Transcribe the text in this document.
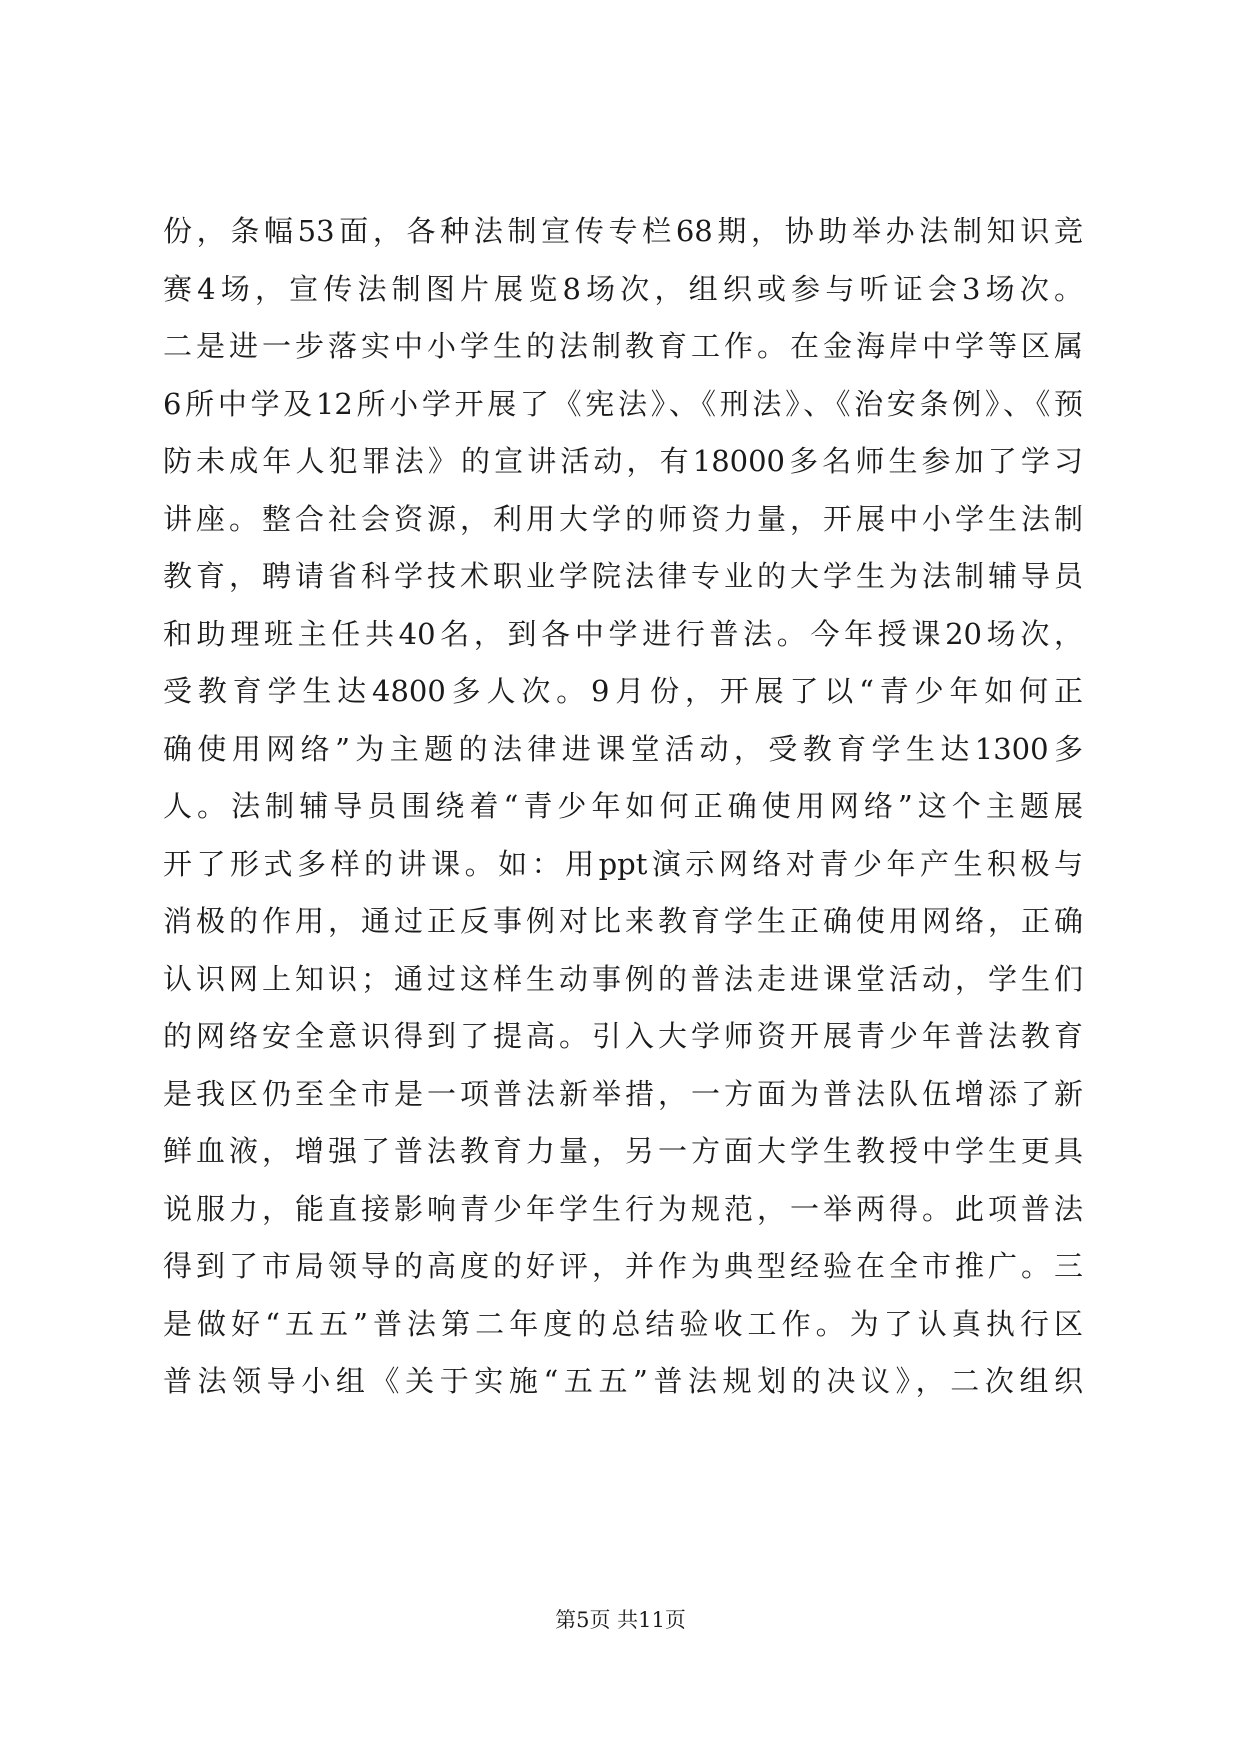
份，条幅53面，各种法制宣传专栏68期，协助举办法制知识竞
赛4场，宣传法制图片展览8场次，组织或参与听证会3场次。
二是进一步落实中小学生的法制教育工作。在金海岸中学等区属
6所中学及12所小学开展了《宪法》、《刑法》、《治安条例》、《预
防未成年人犯罪法》的宣讲活动，有18000多名师生参加了学习
讲座。整合社会资源，利用大学的师资力量，开展中小学生法制
教育，聘请省科学技术职业学院法律专业的大学生为法制辅导员
和助理班主任共40名，到各中学进行普法。今年授课20场次，
受教育学生达4800多人次。9月份，开展了以“青少年如何正
确使用网络”为主题的法律进课堂活动，受教育学生达1300多
人。法制辅导员围绕着“青少年如何正确使用网络”这个主题展
开了形式多样的讲课。如：用ppt演示网络对青少年产生积极与
消极的作用，通过正反事例对比来教育学生正确使用网络，正确
认识网上知识；通过这样生动事例的普法走进课堂活动，学生们
的网络安全意识得到了提高。引入大学师资开展青少年普法教育
是我区仍至全市是一项普法新举措，一方面为普法队伍增添了新
鲜血液，增强了普法教育力量，另一方面大学生教授中学生更具
说服力，能直接影响青少年学生行为规范，一举两得。此项普法
得到了市局领导的高度的好评，并作为典型经验在全市推广。三
是做好“五五”普法第二年度的总结验收工作。为了认真执行区
普法领导小组《关于实施“五五”普法规划的决议》，二次组织
第5页 共11页
